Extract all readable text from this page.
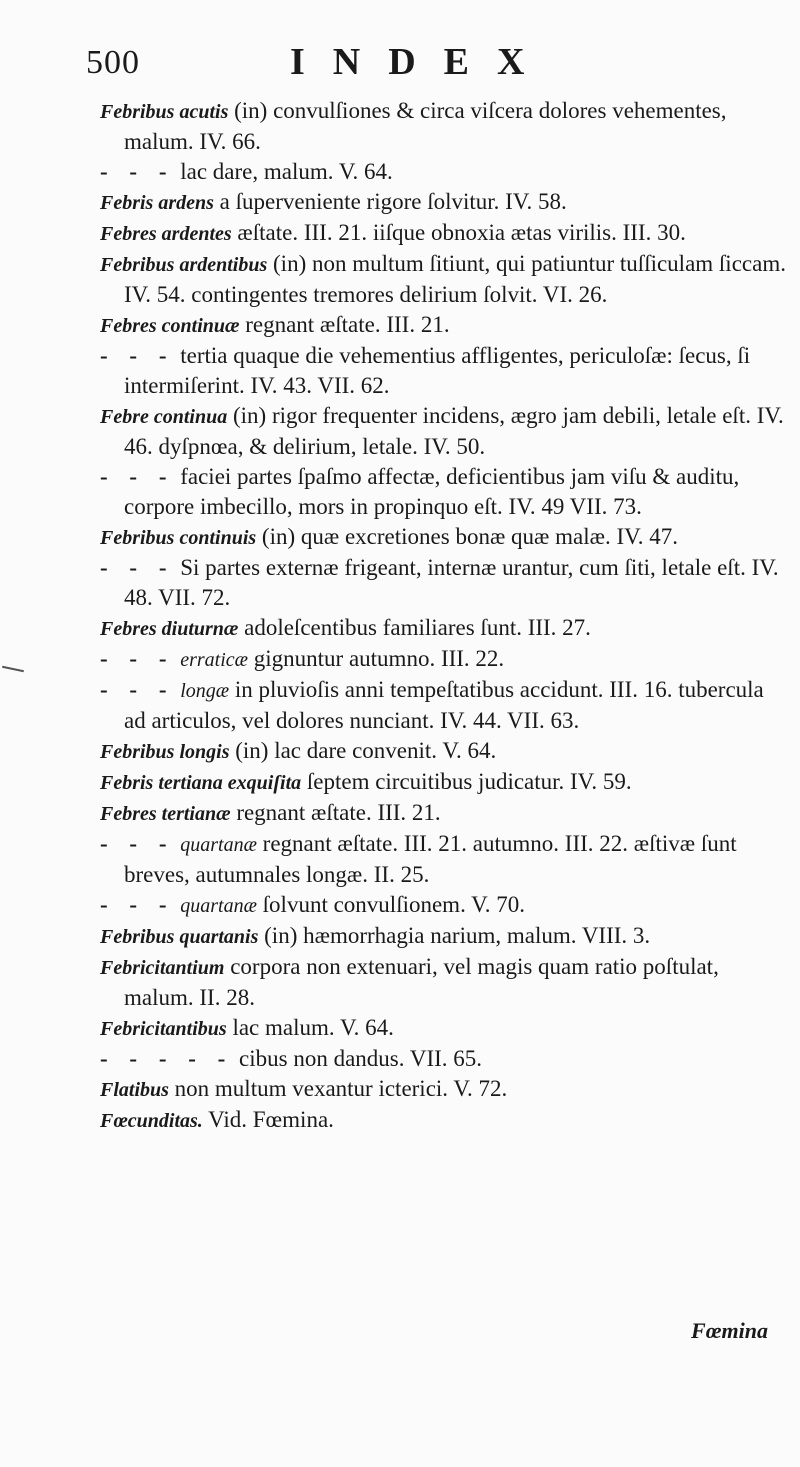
500	INDEX

Febribus acutis (in) convulſiones & circa viſcera dolores vehementes, malum. IV. 66.

- - - lac dare, malum. V. 64.

Febris ardens a ſuperveniente rigore ſolvitur. IV. 58.

Febres ardentes æſtate. III. 21. iiſque obnoxia ætas virilis. III. 30.

Febribus ardentibus (in) non multum ſitiunt, qui patiuntur tuſſiculam ſiccam. IV. 54. contingentes tremores delirium ſolvit. VI. 26.

Febres continuæ regnant æſtate. III. 21.

- - - tertia quaque die vehementius affligentes, periculoſæ: ſecus, ſi intermiſerint. IV. 43. VII. 62.

Febre continua (in) rigor frequenter incidens, ægro jam debili, letale eſt. IV. 46. dyſpnœa, & delirium, letale. IV. 50.

- - - faciei partes ſpaſmo affectæ, deficientibus jam viſu & auditu, corpore imbecillo, mors in propinquo eſt. IV. 49 VII. 73.

Febribus continuis (in) quæ excretiones bonæ quæ malæ. IV. 47.

- - - Si partes externæ frigeant, internæ urantur, cum ſiti, letale eſt. IV. 48. VII. 72.

Febres diuturnæ adoleſcentibus familiares ſunt. III. 27.

- - - erraticæ gignuntur autumno. III. 22.

- - - longæ in pluvioſis anni tempeſtatibus accidunt. III. 16. tubercula ad articulos, vel dolores nunciant. IV. 44. VII. 63.

Febribus longis (in) lac dare convenit. V. 64.

Febris tertiana exquiſita ſeptem circuitibus judicatur. IV. 59.

Febres tertianæ regnant æſtate. III. 21.

- - - quartanæ regnant æſtate. III. 21. autumno. III. 22. æſtivæ ſunt breves, autumnales longæ. II. 25.

- - - quartanæ ſolvunt convulſionem. V. 70.

Febribus quartanis (in) hæmorrhagia narium, malum. VIII. 3.

Febricitantium corpora non extenuari, vel magis quam ratio poſtulat, malum. II. 28.

Febricitantibus lac malum. V. 64.

- - - - - cibus non dandus. VII. 65.

Flatibus non multum vexantur icterici. V. 72.

Fœcunditas. Vid. Fœmina.

Fœmina
